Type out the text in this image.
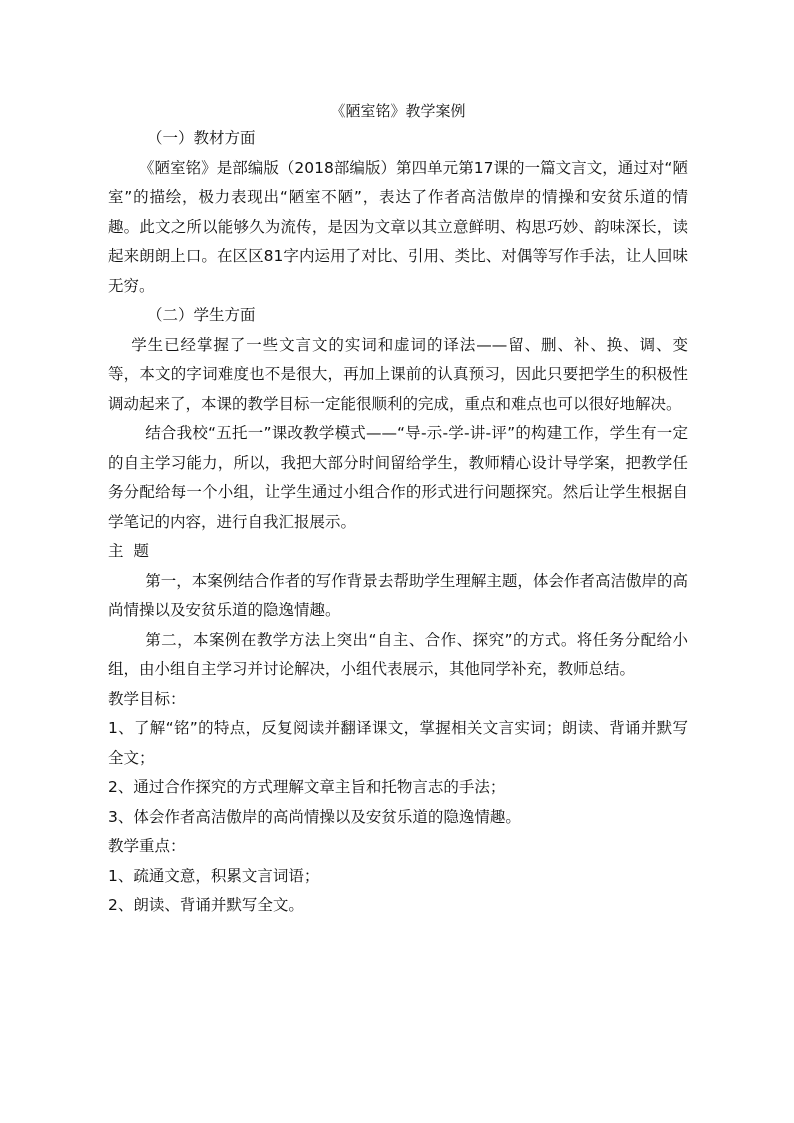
《陋室铭》教学案例

（一）教材方面

《陋室铭》是部编版（2018部编版）第四单元第17课的一篇文言文，通过对“陋室”的描绘，极力表现出“陋室不陋”，表达了作者高洁傲岸的情操和安贫乐道的情趣。此文之所以能够久为流传，是因为文章以其立意鲜明、构思巧妙、韵味深长，读起来朗朗上口。在区区81字内运用了对比、引用、类比、对偶等写作手法，让人回味无穷。

（二）学生方面

学生已经掌握了一些文言文的实词和虚词的译法——留、删、补、换、调、变等，本文的字词难度也不是很大，再加上课前的认真预习，因此只要把学生的积极性调动起来了，本课的教学目标一定能很顺利的完成，重点和难点也可以很好地解决。

结合我校“五托一”课改教学模式——“导-示-学-讲-评”的构建工作，学生有一定的自主学习能力，所以，我把大部分时间留给学生，教师精心设计导学案，把教学任务分配给每一个小组，让学生通过小组合作的形式进行问题探究。然后让学生根据自学笔记的内容，进行自我汇报展示。

主  题

第一，本案例结合作者的写作背景去帮助学生理解主题，体会作者高洁傲岸的高尚情操以及安贫乐道的隐逸情趣。

第二，本案例在教学方法上突出“自主、合作、探究”的方式。将任务分配给小组，由小组自主学习并讨论解决，小组代表展示，其他同学补充，教师总结。

教学目标：

1、了解“铭”的特点，反复阅读并翻译课文，掌握相关文言实词；朗读、背诵并默写全文；

2、通过合作探究的方式理解文章主旨和托物言志的手法；

3、体会作者高洁傲岸的高尚情操以及安贫乐道的隐逸情趣。

教学重点：

1、疏通文意，积累文言词语；

2、朗读、背诵并默写全文。
